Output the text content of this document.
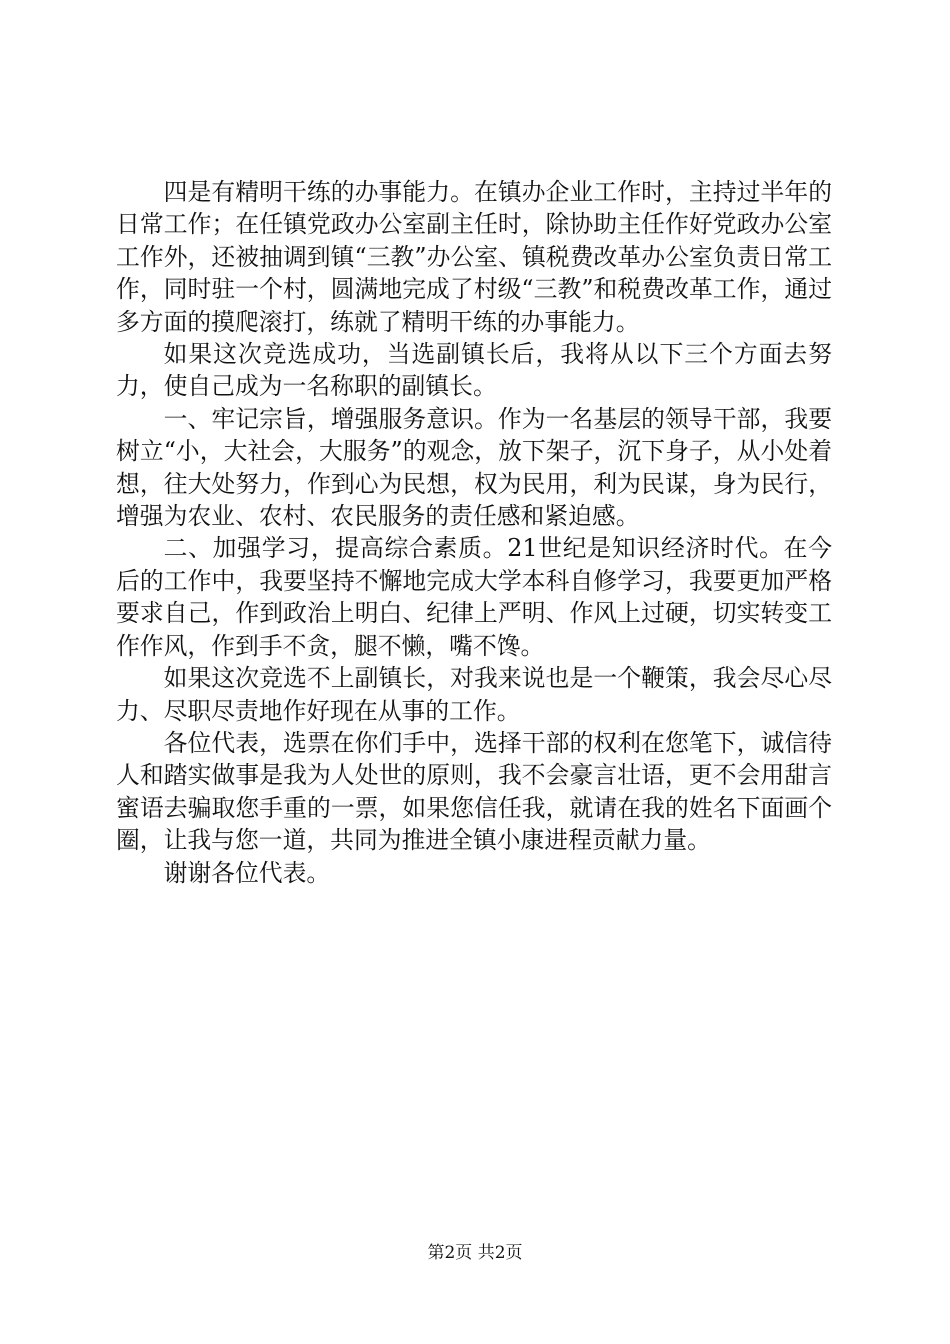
四是有精明干练的办事能力。在镇办企业工作时，主持过半年的日常工作；在任镇党政办公室副主任时，除协助主任作好党政办公室工作外，还被抽调到镇“三教”办公室、镇税费改革办公室负责日常工作，同时驻一个村，圆满地完成了村级“三教”和税费改革工作，通过多方面的摸爬滚打，练就了精明干练的办事能力。

如果这次竞选成功，当选副镇长后，我将从以下三个方面去努力，使自己成为一名称职的副镇长。

一、牢记宗旨，增强服务意识。作为一名基层的领导干部，我要树立“小，大社会，大服务”的观念，放下架子，沉下身子，从小处着想，往大处努力，作到心为民想，权为民用，利为民谋，身为民行，增强为农业、农村、农民服务的责任感和紧迫感。

二、加强学习，提高综合素质。21世纪是知识经济时代。在今后的工作中，我要坚持不懈地完成大学本科自修学习，我要更加严格要求自己，作到政治上明白、纪律上严明、作风上过硬，切实转变工作作风，作到手不贪，腿不懒，嘴不馋。

如果这次竞选不上副镇长，对我来说也是一个鞭策，我会尽心尽力、尽职尽责地作好现在从事的工作。

各位代表，选票在你们手中，选择干部的权利在您笔下，诚信待人和踏实做事是我为人处世的原则，我不会豪言壮语，更不会用甜言蜜语去骗取您手重的一票，如果您信任我，就请在我的姓名下面画个圈，让我与您一道，共同为推进全镇小康进程贡献力量。

谢谢各位代表。

第2页 共2页
